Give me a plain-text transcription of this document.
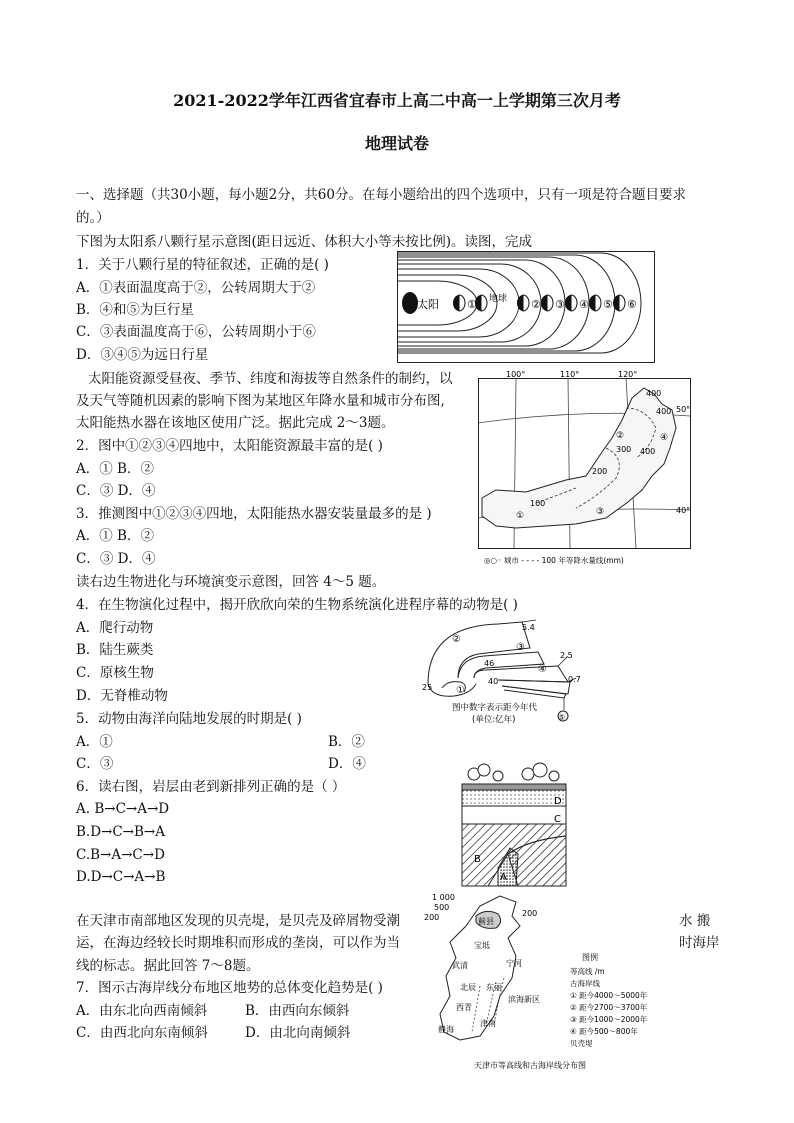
2021-2022学年江西省宜春市上高二中高一上学期第三次月考
地理试卷
一、选择题（共30小题，每小题2分，共60分。在每小题给出的四个选项中，只有一项是符合题目要求
的。）
下图为太阳系八颗行星示意图(距日远近、体积大小等未按比例)。读图，完成
1．关于八颗行星的特征叙述，正确的是( )
A．①表面温度高于②，公转周期大于②
B．④和⑤为巨行星
C．③表面温度高于⑥，公转周期小于⑥
D．③④⑤为远日行星
太阳	① 地球 ② ③ ④ ⑤ ⑥
太阳能资源受昼夜、季节、纬度和海拔等自然条件的制约，以
及天气等随机因素的影响下图为某地区年降水量和城市分布图,
太阳能热水器在该地区使用广泛。据此完成 2～3题。
2．图中①②③④四地中，太阳能资源最丰富的是( )
A．① B．②
C．③ D．④
3．推测图中①②③④四地，太阳能热水器安装量最多的是 )
A．① B．②
C．③ D．④
100°	110°	120°
50°
40°
400
400
300 400
200
100
①
②
③
④
◎○◦ 城市 - - - - 100 年等降水量线(mm)
读右边生物进化与环境演变示意图，回答 4～5 题。
4．在生物演化过程中，揭开欣欣向荣的生物系统演化进程序幕的动物是( )
A．爬行动物
B．陆生蕨类
C．原核生物
D．无脊椎动物
5．动物由海洋向陆地发展的时期是( )
A．①	B．②
C．③	D．④
②
③
④
①
⑤
5.4
2.5
46
40	0.7
25
图中数字表示距今年代
(单位:亿年)
6．读右图，岩层由老到新排列正确的是（ ）
A. B→C→A→D
B.D→C→B→A
C.B→A→C→D
D.D→C→A→B
D
C
B
A
在天津市南部地区发现的贝壳堤，是贝壳及碎屑物受潮	水 搬
运，在海边经较长时期堆积而形成的垄岗，可以作为当	时海岸
线的标志。据此回答 7～8题。
7．图示古海岸线分布地区地势的总体变化趋势是( )
A．由东北向西南倾斜	B．由西向东倾斜
C．由西北向东南倾斜	D．由北向南倾斜
1 000
500
200	200
蓟县
宝坻
武清	宁河
北辰 东丽
滨海新区
西青
静海
津南
图例
等高线 /m
古海岸线
① 距今4000～5000年
② 距今2700～3700年
③ 距今1000～2000年
④ 距今500～800年
贝壳堤
天津市等高线和古海岸线分布图
